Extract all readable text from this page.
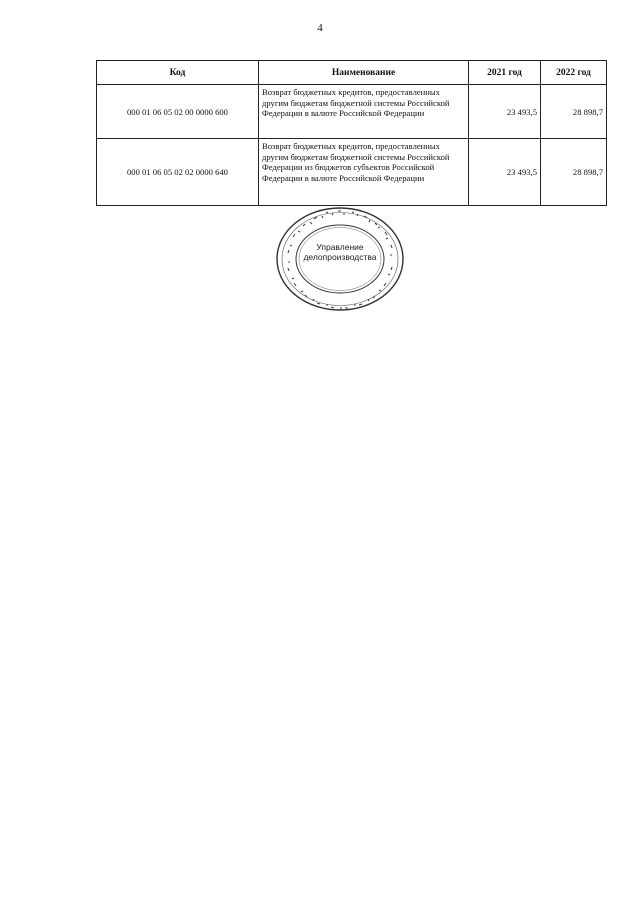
4
Код	Наименование	2021 год	2022 год
000 01 06 05 02 00 0000 600	Возврат бюджетных кредитов, предоставленных другим бюджетам бюджетной системы Российской Федерации в валюте Российской Федерации	23 493,5	28 898,7
000 01 06 05 02 02 0000 640	Возврат бюджетных кредитов, предоставленных другим бюджетам бюджетной системы Российской Федерации из бюджетов субъектов Российской Федерации в валюте Российской Федерации	23 493,5	28 898,7
Управление
делопроизводства
